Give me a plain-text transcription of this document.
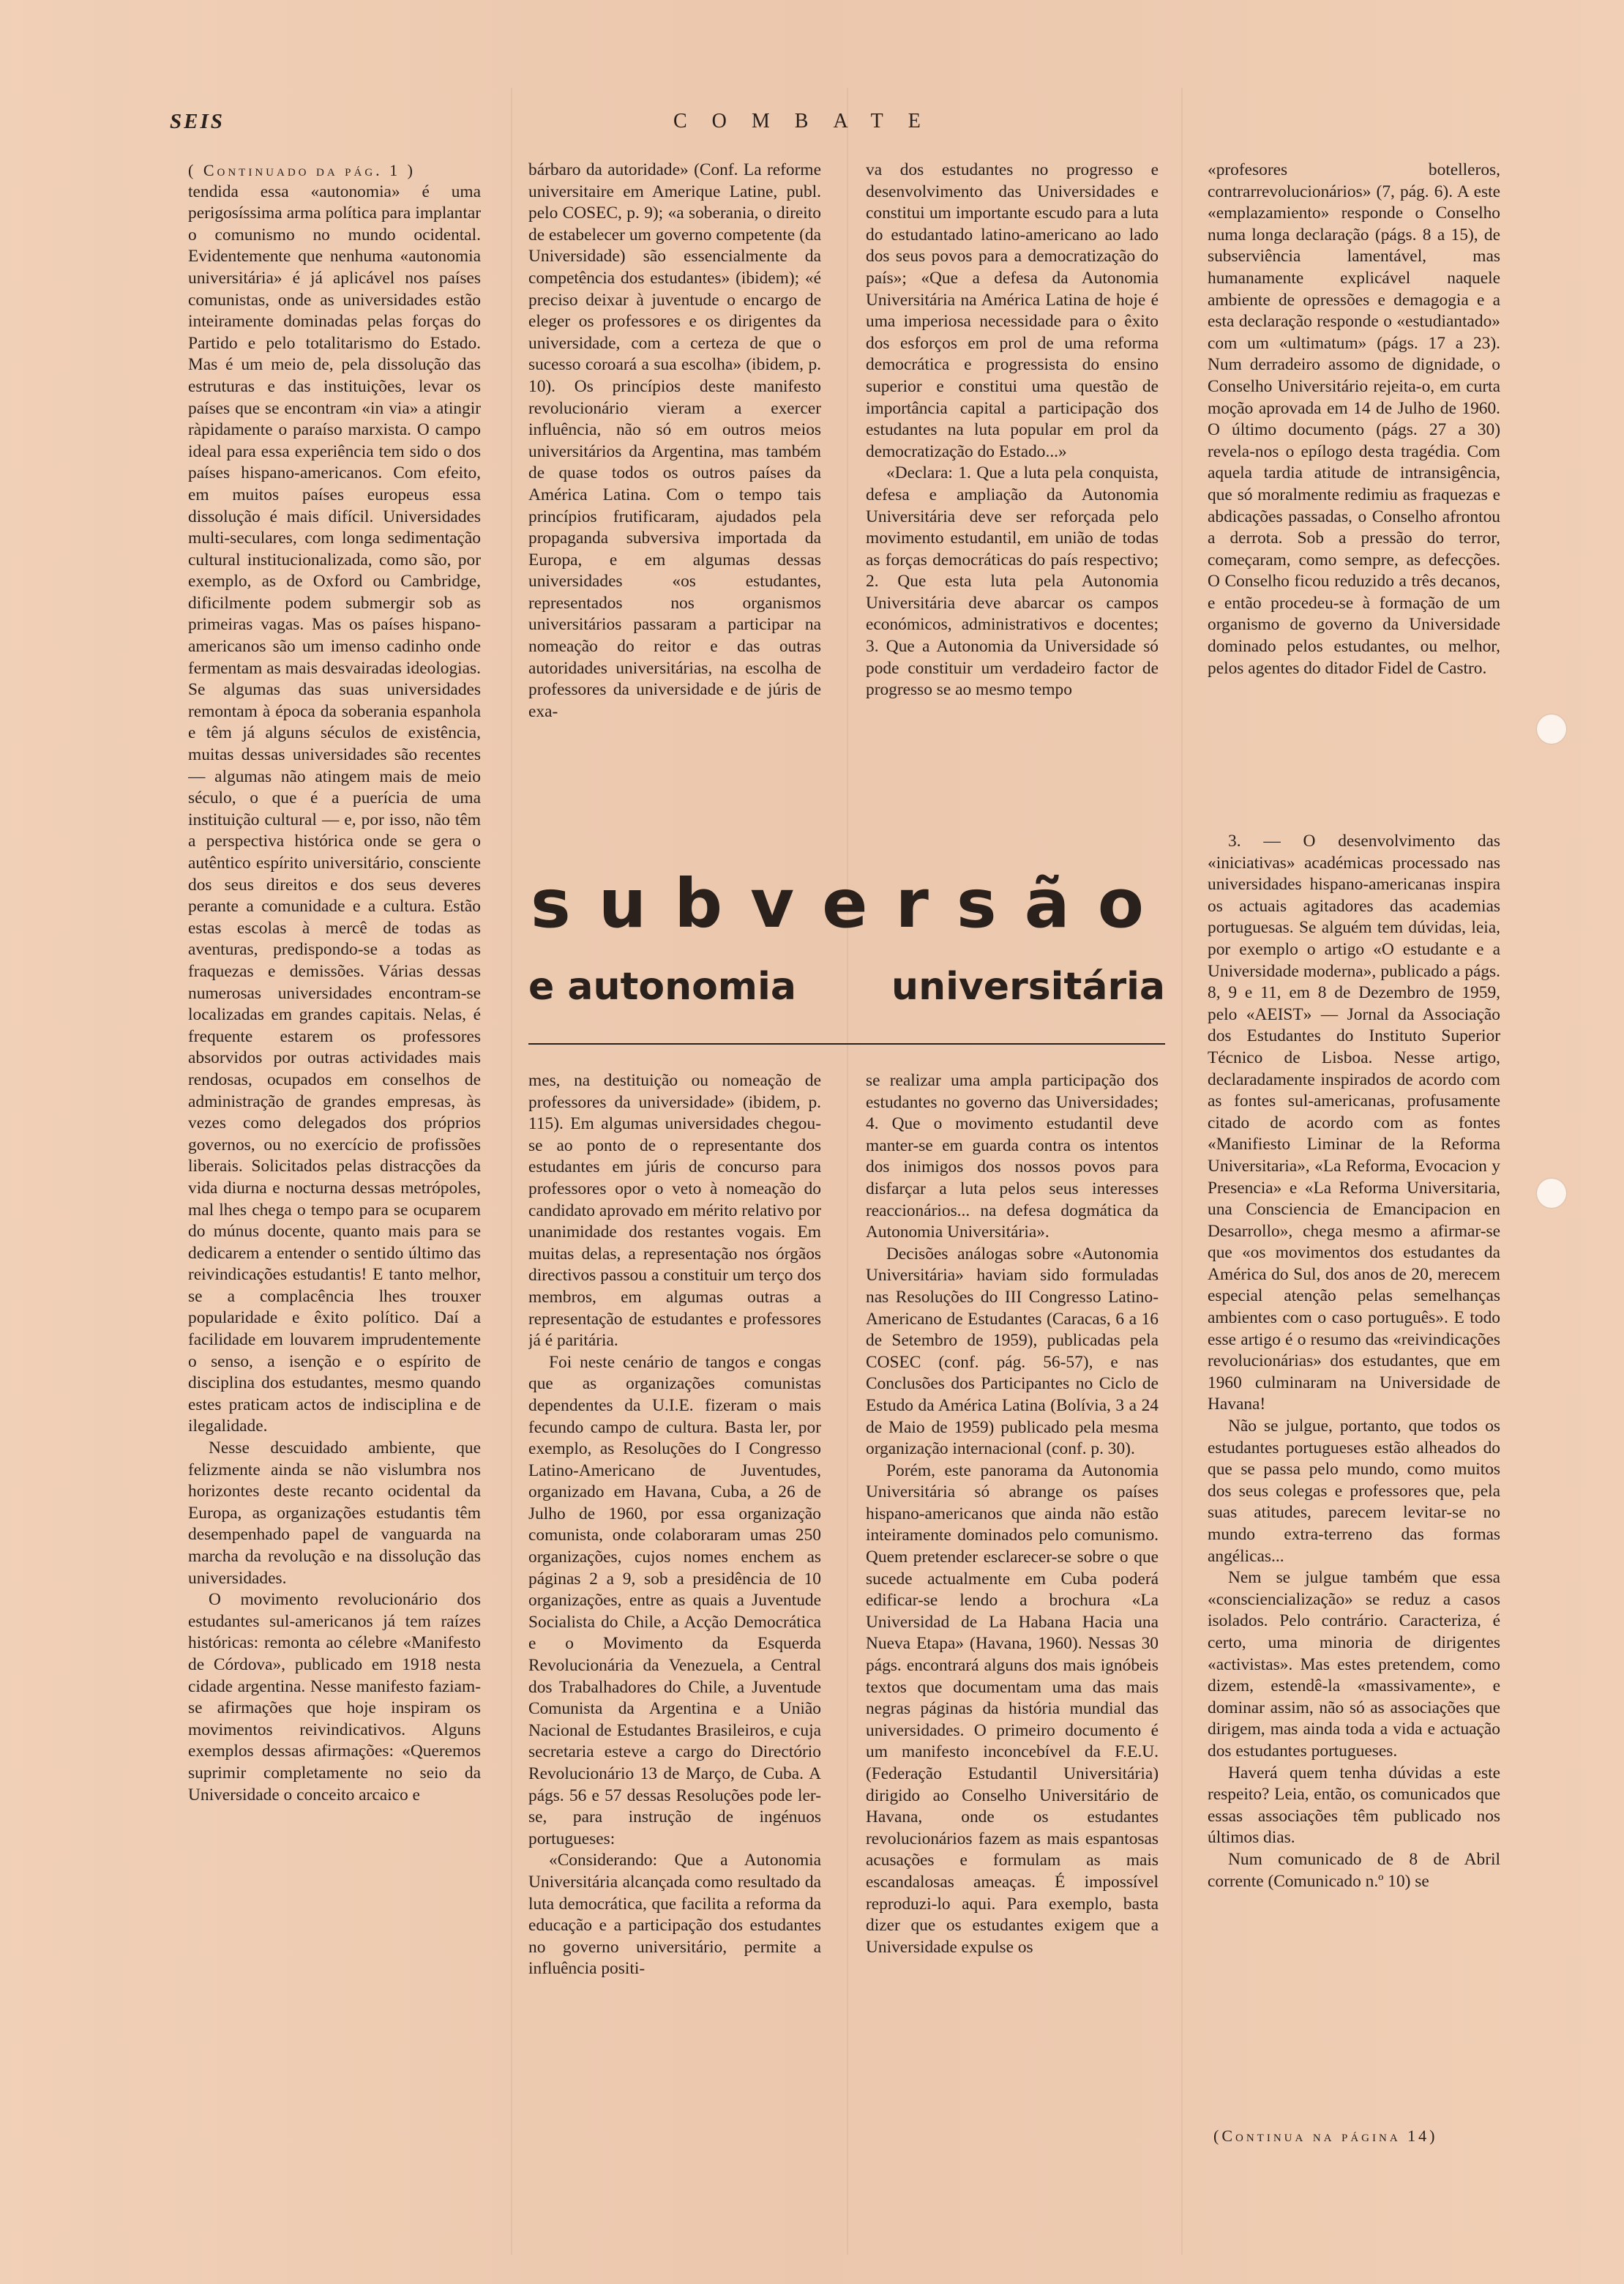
SEIS	COMBATE

( Continuado da pág. 1 )

tendida essa «autonomia» é uma perigosíssima arma política para implantar o comunismo no mundo ocidental. Evidentemente que nenhuma «autonomia universitária» é já aplicável nos países comunistas, onde as universidades estão inteiramente dominadas pelas forças do Partido e pelo totalitarismo do Estado. Mas é um meio de, pela dissolução das estruturas e das instituições, levar os países que se encontram «in via» a atingir ràpidamente o paraíso marxista. O campo ideal para essa experiência tem sido o dos países hispano-americanos. Com efeito, em muitos países europeus essa dissolução é mais difícil. Universidades multi-seculares, com longa sedimentação cultural institucionalizada, como são, por exemplo, as de Oxford ou Cambridge, dificilmente podem submergir sob as primeiras vagas. Mas os países hispano-americanos são um imenso cadinho onde fermentam as mais desvairadas ideologias. Se algumas das suas universidades remontam à época da soberania espanhola e têm já alguns séculos de existência, muitas dessas universidades são recentes — algumas não atingem mais de meio século, o que é a puerícia de uma instituição cultural — e, por isso, não têm a perspectiva histórica onde se gera o autêntico espírito universitário, consciente dos seus direitos e dos seus deveres perante a comunidade e a cultura. Estão estas escolas à mercê de todas as aventuras, predispondo-se a todas as fraquezas e demissões. Várias dessas numerosas universidades encontram-se localizadas em grandes capitais. Nelas, é frequente estarem os professores absorvidos por outras actividades mais rendosas, ocupados em conselhos de administração de grandes empresas, às vezes como delegados dos próprios governos, ou no exercício de profissões liberais. Solicitados pelas distracções da vida diurna e nocturna dessas metrópoles, mal lhes chega o tempo para se ocuparem do múnus docente, quanto mais para se dedicarem a entender o sentido último das reivindicações estudantis! E tanto melhor, se a complacência lhes trouxer popularidade e êxito político. Daí a facilidade em louvarem imprudentemente o senso, a isenção e o espírito de disciplina dos estudantes, mesmo quando estes praticam actos de indisciplina e de ilegalidade.

Nesse descuidado ambiente, que felizmente ainda se não vislumbra nos horizontes deste recanto ocidental da Europa, as organizações estudantis têm desempenhado papel de vanguarda na marcha da revolução e na dissolução das universidades.

O movimento revolucionário dos estudantes sul-americanos já tem raízes históricas: remonta ao célebre «Manifesto de Córdova», publicado em 1918 nesta cidade argentina. Nesse manifesto faziam-se afirmações que hoje inspiram os movimentos reivindicativos. Alguns exemplos dessas afirmações: «Queremos suprimir completamente no seio da Universidade o conceito arcaico e

bárbaro da autoridade» (Conf. La reforme universitaire em Amerique Latine, publ. pelo COSEC, p. 9); «a soberania, o direito de estabelecer um governo competente (da Universidade) são essencialmente da competência dos estudantes» (ibidem); «é preciso deixar à juventude o encargo de eleger os professores e os dirigentes da universidade, com a certeza de que o sucesso coroará a sua escolha» (ibidem, p. 10). Os princípios deste manifesto revolucionário vieram a exercer influência, não só em outros meios universitários da Argentina, mas também de quase todos os outros países da América Latina. Com o tempo tais princípios frutificaram, ajudados pela propaganda subversiva importada da Europa, e em algumas dessas universidades «os estudantes, representados nos organismos universitários passaram a participar na nomeação do reitor e das outras autoridades universitárias, na escolha de professores da universidade e de júris de exa-

va dos estudantes no progresso e desenvolvimento das Universidades e constitui um importante escudo para a luta do estudantado latino-americano ao lado dos seus povos para a democratização do país»; «Que a defesa da Autonomia Universitária na América Latina de hoje é uma imperiosa necessidade para o êxito dos esforços em prol de uma reforma democrática e progressista do ensino superior e constitui uma questão de importância capital a participação dos estudantes na luta popular em prol da democratização do Estado...»

«Declara: 1. Que a luta pela conquista, defesa e ampliação da Autonomia Universitária deve ser reforçada pelo movimento estudantil, em união de todas as forças democráticas do país respectivo; 2. Que esta luta pela Autonomia Universitária deve abarcar os campos económicos, administrativos e docentes; 3. Que a Autonomia da Universidade só pode constituir um verdadeiro factor de progresso se ao mesmo tempo

subversão
e autonomia	universitária

mes, na destituição ou nomeação de professores da universidade» (ibidem, p. 115). Em algumas universidades chegou-se ao ponto de o representante dos estudantes em júris de concurso para professores opor o veto à nomeação do candidato aprovado em mérito relativo por unanimidade dos restantes vogais. Em muitas delas, a representação nos órgãos directivos passou a constituir um terço dos membros, em algumas outras a representação de estudantes e professores já é paritária.

Foi neste cenário de tangos e congas que as organizações comunistas dependentes da U.I.E. fizeram o mais fecundo campo de cultura. Basta ler, por exemplo, as Resoluções do I Congresso Latino-Americano de Juventudes, organizado em Havana, Cuba, a 26 de Julho de 1960, por essa organização comunista, onde colaboraram umas 250 organizações, cujos nomes enchem as páginas 2 a 9, sob a presidência de 10 organizações, entre as quais a Juventude Socialista do Chile, a Acção Democrática e o Movimento da Esquerda Revolucionária da Venezuela, a Central dos Trabalhadores do Chile, a Juventude Comunista da Argentina e a União Nacional de Estudantes Brasileiros, e cuja secretaria esteve a cargo do Directório Revolucionário 13 de Março, de Cuba. A págs. 56 e 57 dessas Resoluções pode ler-se, para instrução de ingénuos portugueses:

«Considerando: Que a Autonomia Universitária alcançada como resultado da luta democrática, que facilita a reforma da educação e a participação dos estudantes no governo universitário, permite a influência positi-

se realizar uma ampla participação dos estudantes no governo das Universidades; 4. Que o movimento estudantil deve manter-se em guarda contra os intentos dos inimigos dos nossos povos para disfarçar a luta pelos seus interesses reaccionários... na defesa dogmática da Autonomia Universitária».

Decisões análogas sobre «Autonomia Universitária» haviam sido formuladas nas Resoluções do III Congresso Latino-Americano de Estudantes (Caracas, 6 a 16 de Setembro de 1959), publicadas pela COSEC (conf. pág. 56-57), e nas Conclusões dos Participantes no Ciclo de Estudo da América Latina (Bolívia, 3 a 24 de Maio de 1959) publicado pela mesma organização internacional (conf. p. 30).

Porém, este panorama da Autonomia Universitária só abrange os países hispano-americanos que ainda não estão inteiramente dominados pelo comunismo. Quem pretender esclarecer-se sobre o que sucede actualmente em Cuba poderá edificar-se lendo a brochura «La Universidad de La Habana Hacia una Nueva Etapa» (Havana, 1960). Nessas 30 págs. encontrará alguns dos mais ignóbeis textos que documentam uma das mais negras páginas da história mundial das universidades. O primeiro documento é um manifesto inconcebível da F.E.U. (Federação Estudantil Universitária) dirigido ao Conselho Universitário de Havana, onde os estudantes revolucionários fazem as mais espantosas acusações e formulam as mais escandalosas ameaças. É impossível reproduzi-lo aqui. Para exemplo, basta dizer que os estudantes exigem que a Universidade expulse os

«profesores botelleros, contrarrevolucionários» (7, pág. 6). A este «emplazamiento» responde o Conselho numa longa declaração (págs. 8 a 15), de subserviência lamentável, mas humanamente explicável naquele ambiente de opressões e demagogia e a esta declaração responde o «estudiantado» com um «ultimatum» (págs. 17 a 23). Num derradeiro assomo de dignidade, o Conselho Universitário rejeita-o, em curta moção aprovada em 14 de Julho de 1960. O último documento (págs. 27 a 30) revela-nos o epílogo desta tragédia. Com aquela tardia atitude de intransigência, que só moralmente redimiu as fraquezas e abdicações passadas, o Conselho afrontou a derrota. Sob a pressão do terror, começaram, como sempre, as defecções. O Conselho ficou reduzido a três decanos, e então procedeu-se à formação de um organismo de governo da Universidade dominado pelos estudantes, ou melhor, pelos agentes do ditador Fidel de Castro.

3. — O desenvolvimento das «iniciativas» académicas processado nas universidades hispano-americanas inspira os actuais agitadores das academias portuguesas. Se alguém tem dúvidas, leia, por exemplo o artigo «O estudante e a Universidade moderna», publicado a págs. 8, 9 e 11, em 8 de Dezembro de 1959, pelo «AEIST» — Jornal da Associação dos Estudantes do Instituto Superior Técnico de Lisboa. Nesse artigo, declaradamente inspirados de acordo com as fontes sul-americanas, profusamente citado de acordo com as fontes «Manifiesto Liminar de la Reforma Universitaria», «La Reforma, Evocacion y Presencia» e «La Reforma Universitaria, una Consciencia de Emancipacion en Desarrollo», chega mesmo a afirmar-se que «os movimentos dos estudantes da América do Sul, dos anos de 20, merecem especial atenção pelas semelhanças ambientes com o caso português». E todo esse artigo é o resumo das «reivindicações revolucionárias» dos estudantes, que em 1960 culminaram na Universidade de Havana!

Não se julgue, portanto, que todos os estudantes portugueses estão alheados do que se passa pelo mundo, como muitos dos seus colegas e professores que, pela suas atitudes, parecem levitar-se no mundo extra-terreno das formas angélicas...

Nem se julgue também que essa «consciencialização» se reduz a casos isolados. Pelo contrário. Caracteriza, é certo, uma minoria de dirigentes «activistas». Mas estes pretendem, como dizem, estendê-la «massivamente», e dominar assim, não só as associações que dirigem, mas ainda toda a vida e actuação dos estudantes portugueses.

Haverá quem tenha dúvidas a este respeito? Leia, então, os comunicados que essas associações têm publicado nos últimos dias.

Num comunicado de 8 de Abril corrente (Comunicado n.º 10) se

(Continua na página 14)
